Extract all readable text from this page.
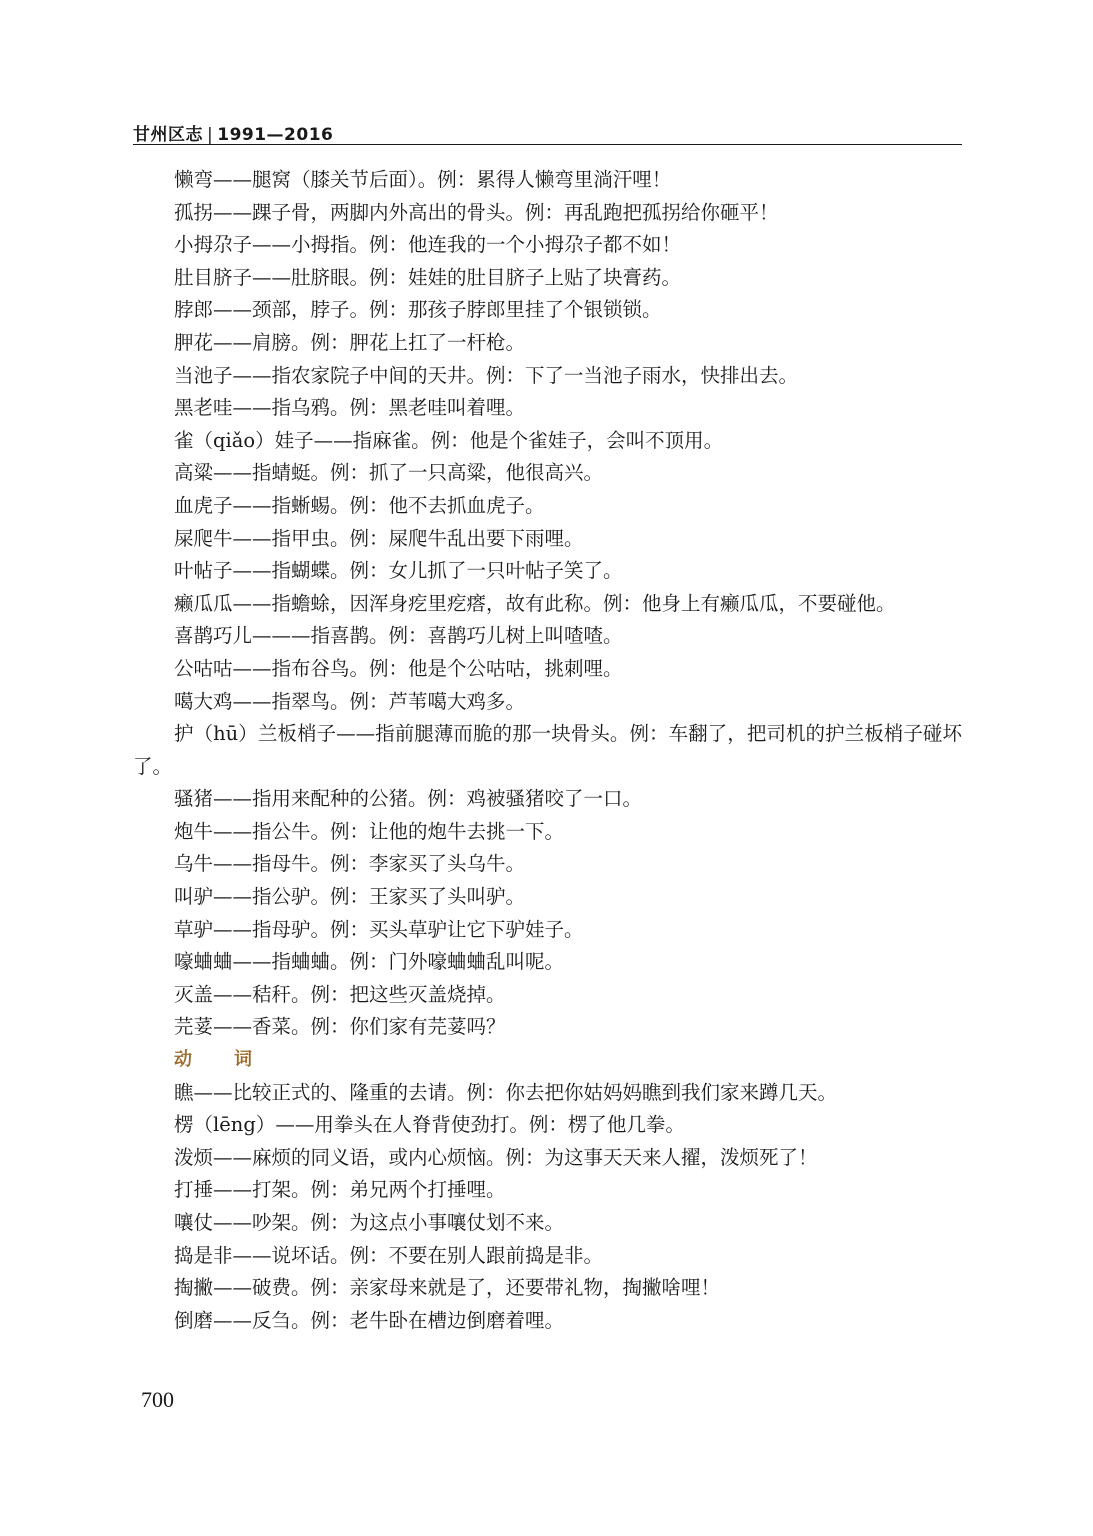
甘州区志 | 1991—2016
懒弯——腿窝（膝关节后面）。例：累得人懒弯里淌汗哩！
孤拐——踝子骨，两脚内外高出的骨头。例：再乱跑把孤拐给你砸平！
小拇尕子——小拇指。例：他连我的一个小拇尕子都不如！
肚目脐子——肚脐眼。例：娃娃的肚目脐子上贴了块膏药。
脖郎——颈部，脖子。例：那孩子脖郎里挂了个银锁锁。
胛花——肩膀。例：胛花上扛了一杆枪。
当池子——指农家院子中间的天井。例：下了一当池子雨水，快排出去。
黑老哇——指乌鸦。例：黑老哇叫着哩。
雀（qiǎo）娃子——指麻雀。例：他是个雀娃子，会叫不顶用。
高粱——指蜻蜓。例：抓了一只高粱，他很高兴。
血虎子——指蜥蜴。例：他不去抓血虎子。
屎爬牛——指甲虫。例：屎爬牛乱出要下雨哩。
叶帖子——指蝴蝶。例：女儿抓了一只叶帖子笑了。
癞瓜瓜——指蟾蜍，因浑身疙里疙瘩，故有此称。例：他身上有癞瓜瓜，不要碰他。
喜鹊巧儿———指喜鹊。例：喜鹊巧儿树上叫喳喳。
公咕咕——指布谷鸟。例：他是个公咕咕，挑刺哩。
噶大鸡——指翠鸟。例：芦苇噶大鸡多。
护（hū）兰板梢子——指前腿薄而脆的那一块骨头。例：车翻了，把司机的护兰板梢子碰坏了。
骚猪——指用来配种的公猪。例：鸡被骚猪咬了一口。
炮牛——指公牛。例：让他的炮牛去挑一下。
乌牛——指母牛。例：李家买了头乌牛。
叫驴——指公驴。例：王家买了头叫驴。
草驴——指母驴。例：买头草驴让它下驴娃子。
嚎蛐蛐——指蛐蛐。例：门外嚎蛐蛐乱叫呢。
灭盖——秸秆。例：把这些灭盖烧掉。
芫荽——香菜。例：你们家有芫荽吗？
动　词
瞧——比较正式的、隆重的去请。例：你去把你姑妈妈瞧到我们家来蹲几天。
楞（lēng）——用拳头在人脊背使劲打。例：楞了他几拳。
泼烦——麻烦的同义语，或内心烦恼。例：为这事天天来人擢，泼烦死了！
打捶——打架。例：弟兄两个打捶哩。
嚷仗——吵架。例：为这点小事嚷仗划不来。
捣是非——说坏话。例：不要在别人跟前捣是非。
掏撇——破费。例：亲家母来就是了，还要带礼物，掏撇啥哩！
倒磨——反刍。例：老牛卧在槽边倒磨着哩。
700
